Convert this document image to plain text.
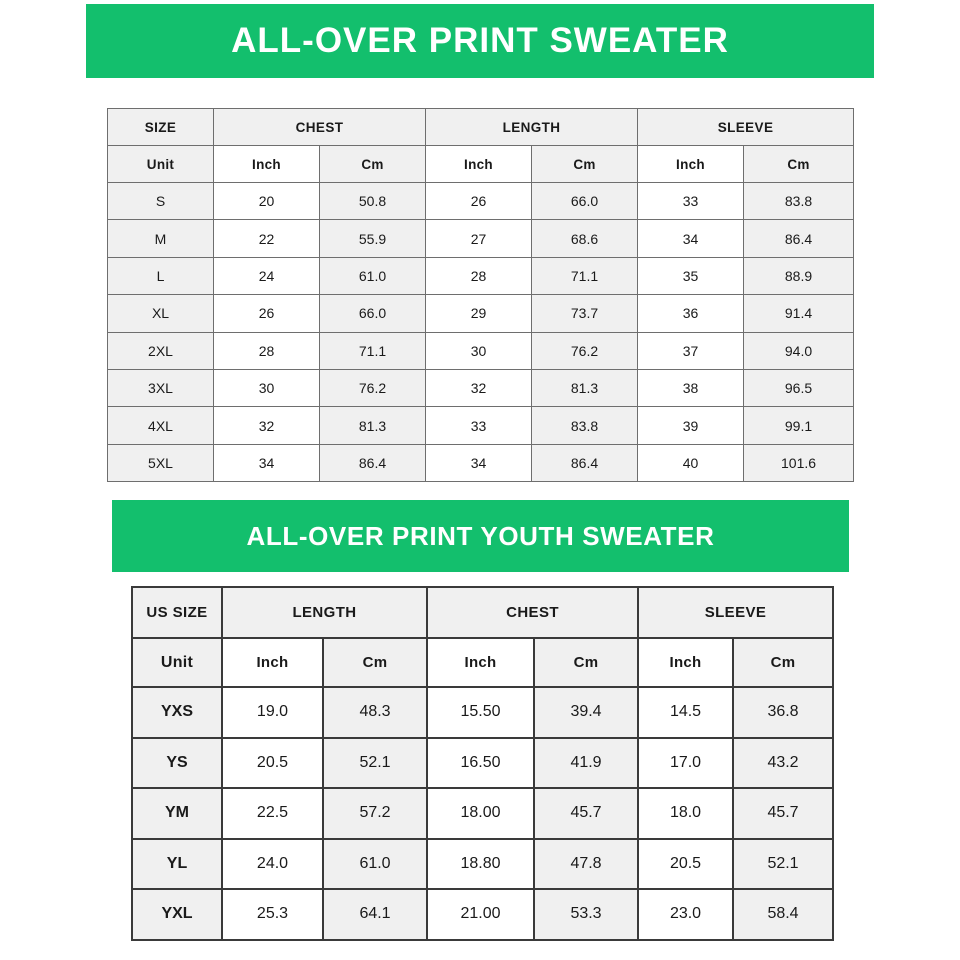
ALL-OVER PRINT SWEATER
SIZE	CHEST		LENGTH		SLEEVE	
Unit	Inch	Cm	Inch	Cm	Inch	Cm
S	20	50.8	26	66.0	33	83.8
M	22	55.9	27	68.6	34	86.4
L	24	61.0	28	71.1	35	88.9
XL	26	66.0	29	73.7	36	91.4
2XL	28	71.1	30	76.2	37	94.0
3XL	30	76.2	32	81.3	38	96.5
4XL	32	81.3	33	83.8	39	99.1
5XL	34	86.4	34	86.4	40	101.6
ALL-OVER PRINT YOUTH SWEATER
US SIZE	LENGTH		CHEST		SLEEVE	
Unit	Inch	Cm	Inch	Cm	Inch	Cm
YXS	19.0	48.3	15.50	39.4	14.5	36.8
YS	20.5	52.1	16.50	41.9	17.0	43.2
YM	22.5	57.2	18.00	45.7	18.0	45.7
YL	24.0	61.0	18.80	47.8	20.5	52.1
YXL	25.3	64.1	21.00	53.3	23.0	58.4
